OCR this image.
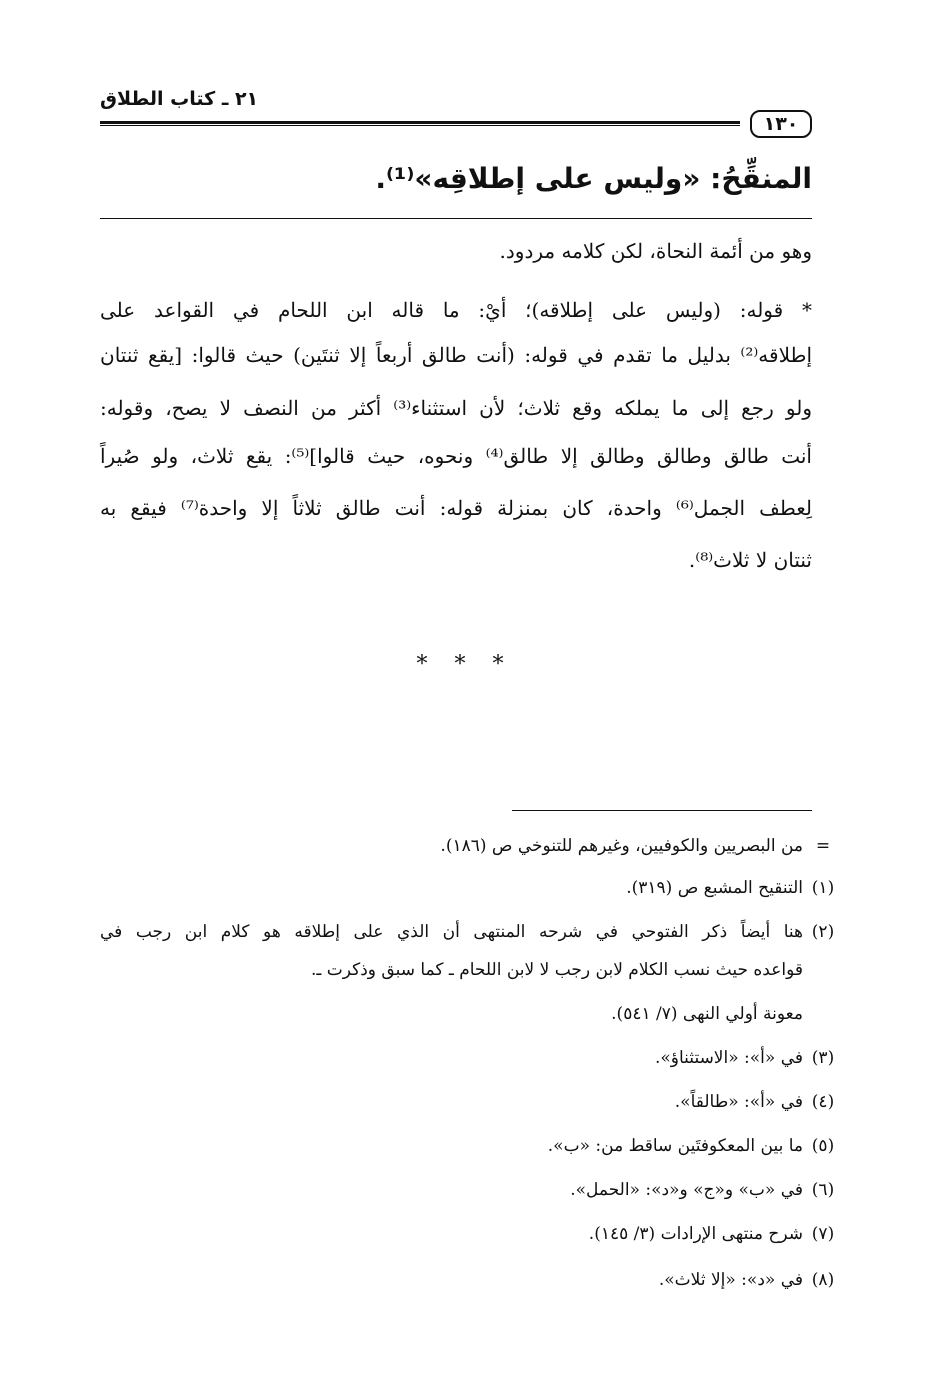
٢١ ـ كتاب الطلاق
١٣٠
المنقِّحُ: «وليس على إطلاقِه»⁽¹⁾.
وهو من أئمة النحاة، لكن كلامه مردود.
* قوله: (وليس على إطلاقه)؛ أيْ: ما قاله ابن اللحام في القواعد على
إطلاقه⁽²⁾ بدليل ما تقدم في قوله: (أنت طالق أربعاً إلا ثنتَين) حيث قالوا: [يقع ثنتان
ولو رجع إلى ما يملكه وقع ثلاث؛ لأن استثناء⁽³⁾ أكثر من النصف لا يصح، وقوله:
أنت طالق وطالق وطالق إلا طالق⁽⁴⁾ ونحوه، حيث قالوا]⁽⁵⁾: يقع ثلاث، ولو صُيراً
لِعطف الجمل⁽⁶⁾ واحدة، كان بمنزلة قوله: أنت طالق ثلاثاً إلا واحدة⁽⁷⁾ فيقع به
ثنتان لا ثلاث⁽⁸⁾.
* * *
=
من البصريين والكوفيين، وغيرهم للتنوخي ص (١٨٦).
(١)
التنقيح المشبع ص (٣١٩).
(٢)
هنا أيضاً ذكر الفتوحي في شرحه المنتهى أن الذي على إطلاقه هو كلام ابن رجب في
قواعده حيث نسب الكلام لابن رجب لا لابن اللحام ـ كما سبق وذكرت ـ.
معونة أولي النهى (٧/ ٥٤١).
(٣)
في «أ»: «الاستثناؤ».
(٤)
في «أ»: «طالقاً».
(٥)
ما بين المعكوفتَين ساقط من: «ب».
(٦)
في «ب» و«ج» و«د»: «الحمل».
(٧)
شرح منتهى الإرادات (٣/ ١٤٥).
(٨)
في «د»: «إلا ثلاث».
